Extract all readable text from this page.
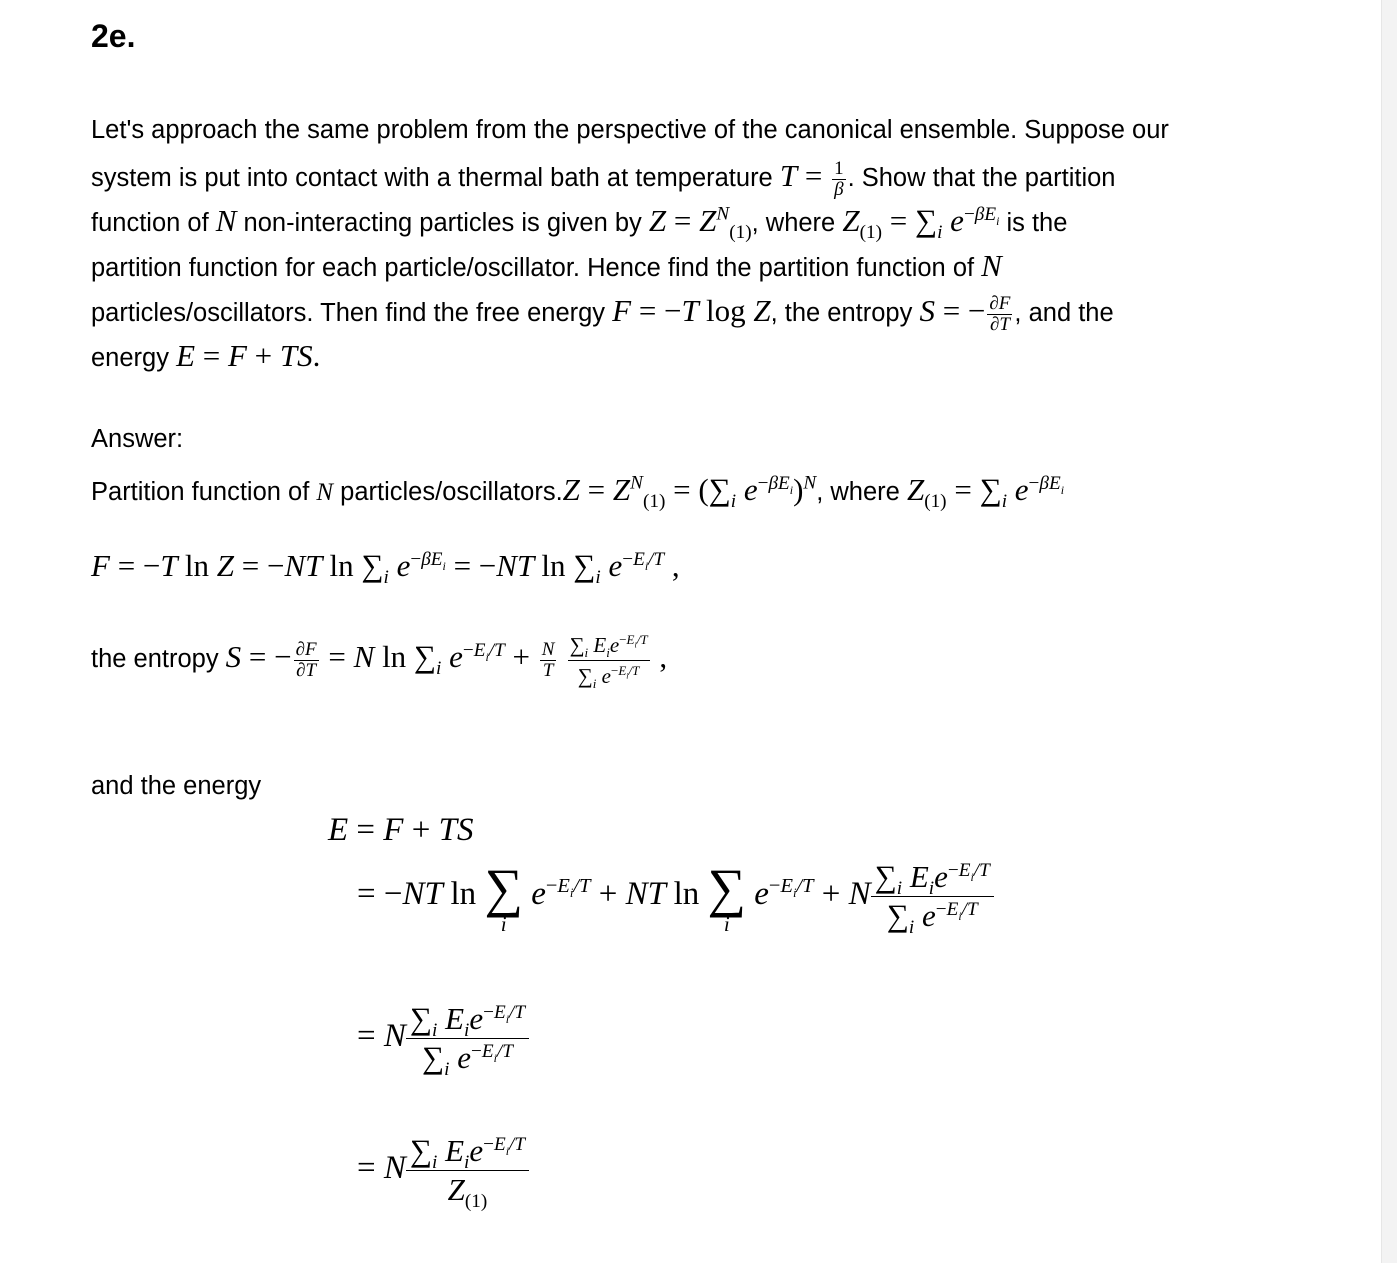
2e.
Let's approach the same problem from the perspective of the canonical ensemble. Suppose our
system is put into contact with a thermal bath at temperature $T = \frac{1}{\beta}$ . Show that the partition
function of N non-interacting particles is given by $Z = Z^N_{(1)}$, where $Z_{(1)} = \sum_i$ $e^{-\beta E_i}$ is the
partition function for each particle/oscillator. Hence find the partition function of N
particles/oscillators. Then find the free energy F = −T log Z, the entropy S = − $\frac{\partial F}{\partial T}$ , and the
energy E = F + TS.
Answer:
Partition function of N particles/oscillators.Z = $Z^N_{(1)} = (\sum_i$ $e^{-\beta E_i})^N$, where $Z_{(1)} = \sum_i$ $e^{-\beta E_i}$
F = −T ln Z = −NT $\ln \sum_i$ $e^{-\beta E_i} = -NT$ $\ln \sum_i$ $e^{-E_i/T}$ ,
the entropy S = − $\frac{\partial F}{\partial T} = N$ $\ln \sum_i$ $e^{-E_i/T} + \frac{N}{T}$
$\frac{\sum_i E_ie^{-E_i/T}}{\sum_i e^{-E_i/T}}$ ,
and the energy
E = F + TS
= −NT ln ∑
i
$e^{-E_i/T}$ + NT ln ∑
i
$e^{-E_i/T} + N \frac{\sum_i E_ie^{-E_i/T}}{\sum_i e^{-E_i/T}}$
= N $\frac{\sum_i E_ie^{-E_i/T}}{\sum_i e^{-E_i/T}}$
= N $\frac{\sum_i E_ie^{-E_i/T}}{Z_{(1)}}$
